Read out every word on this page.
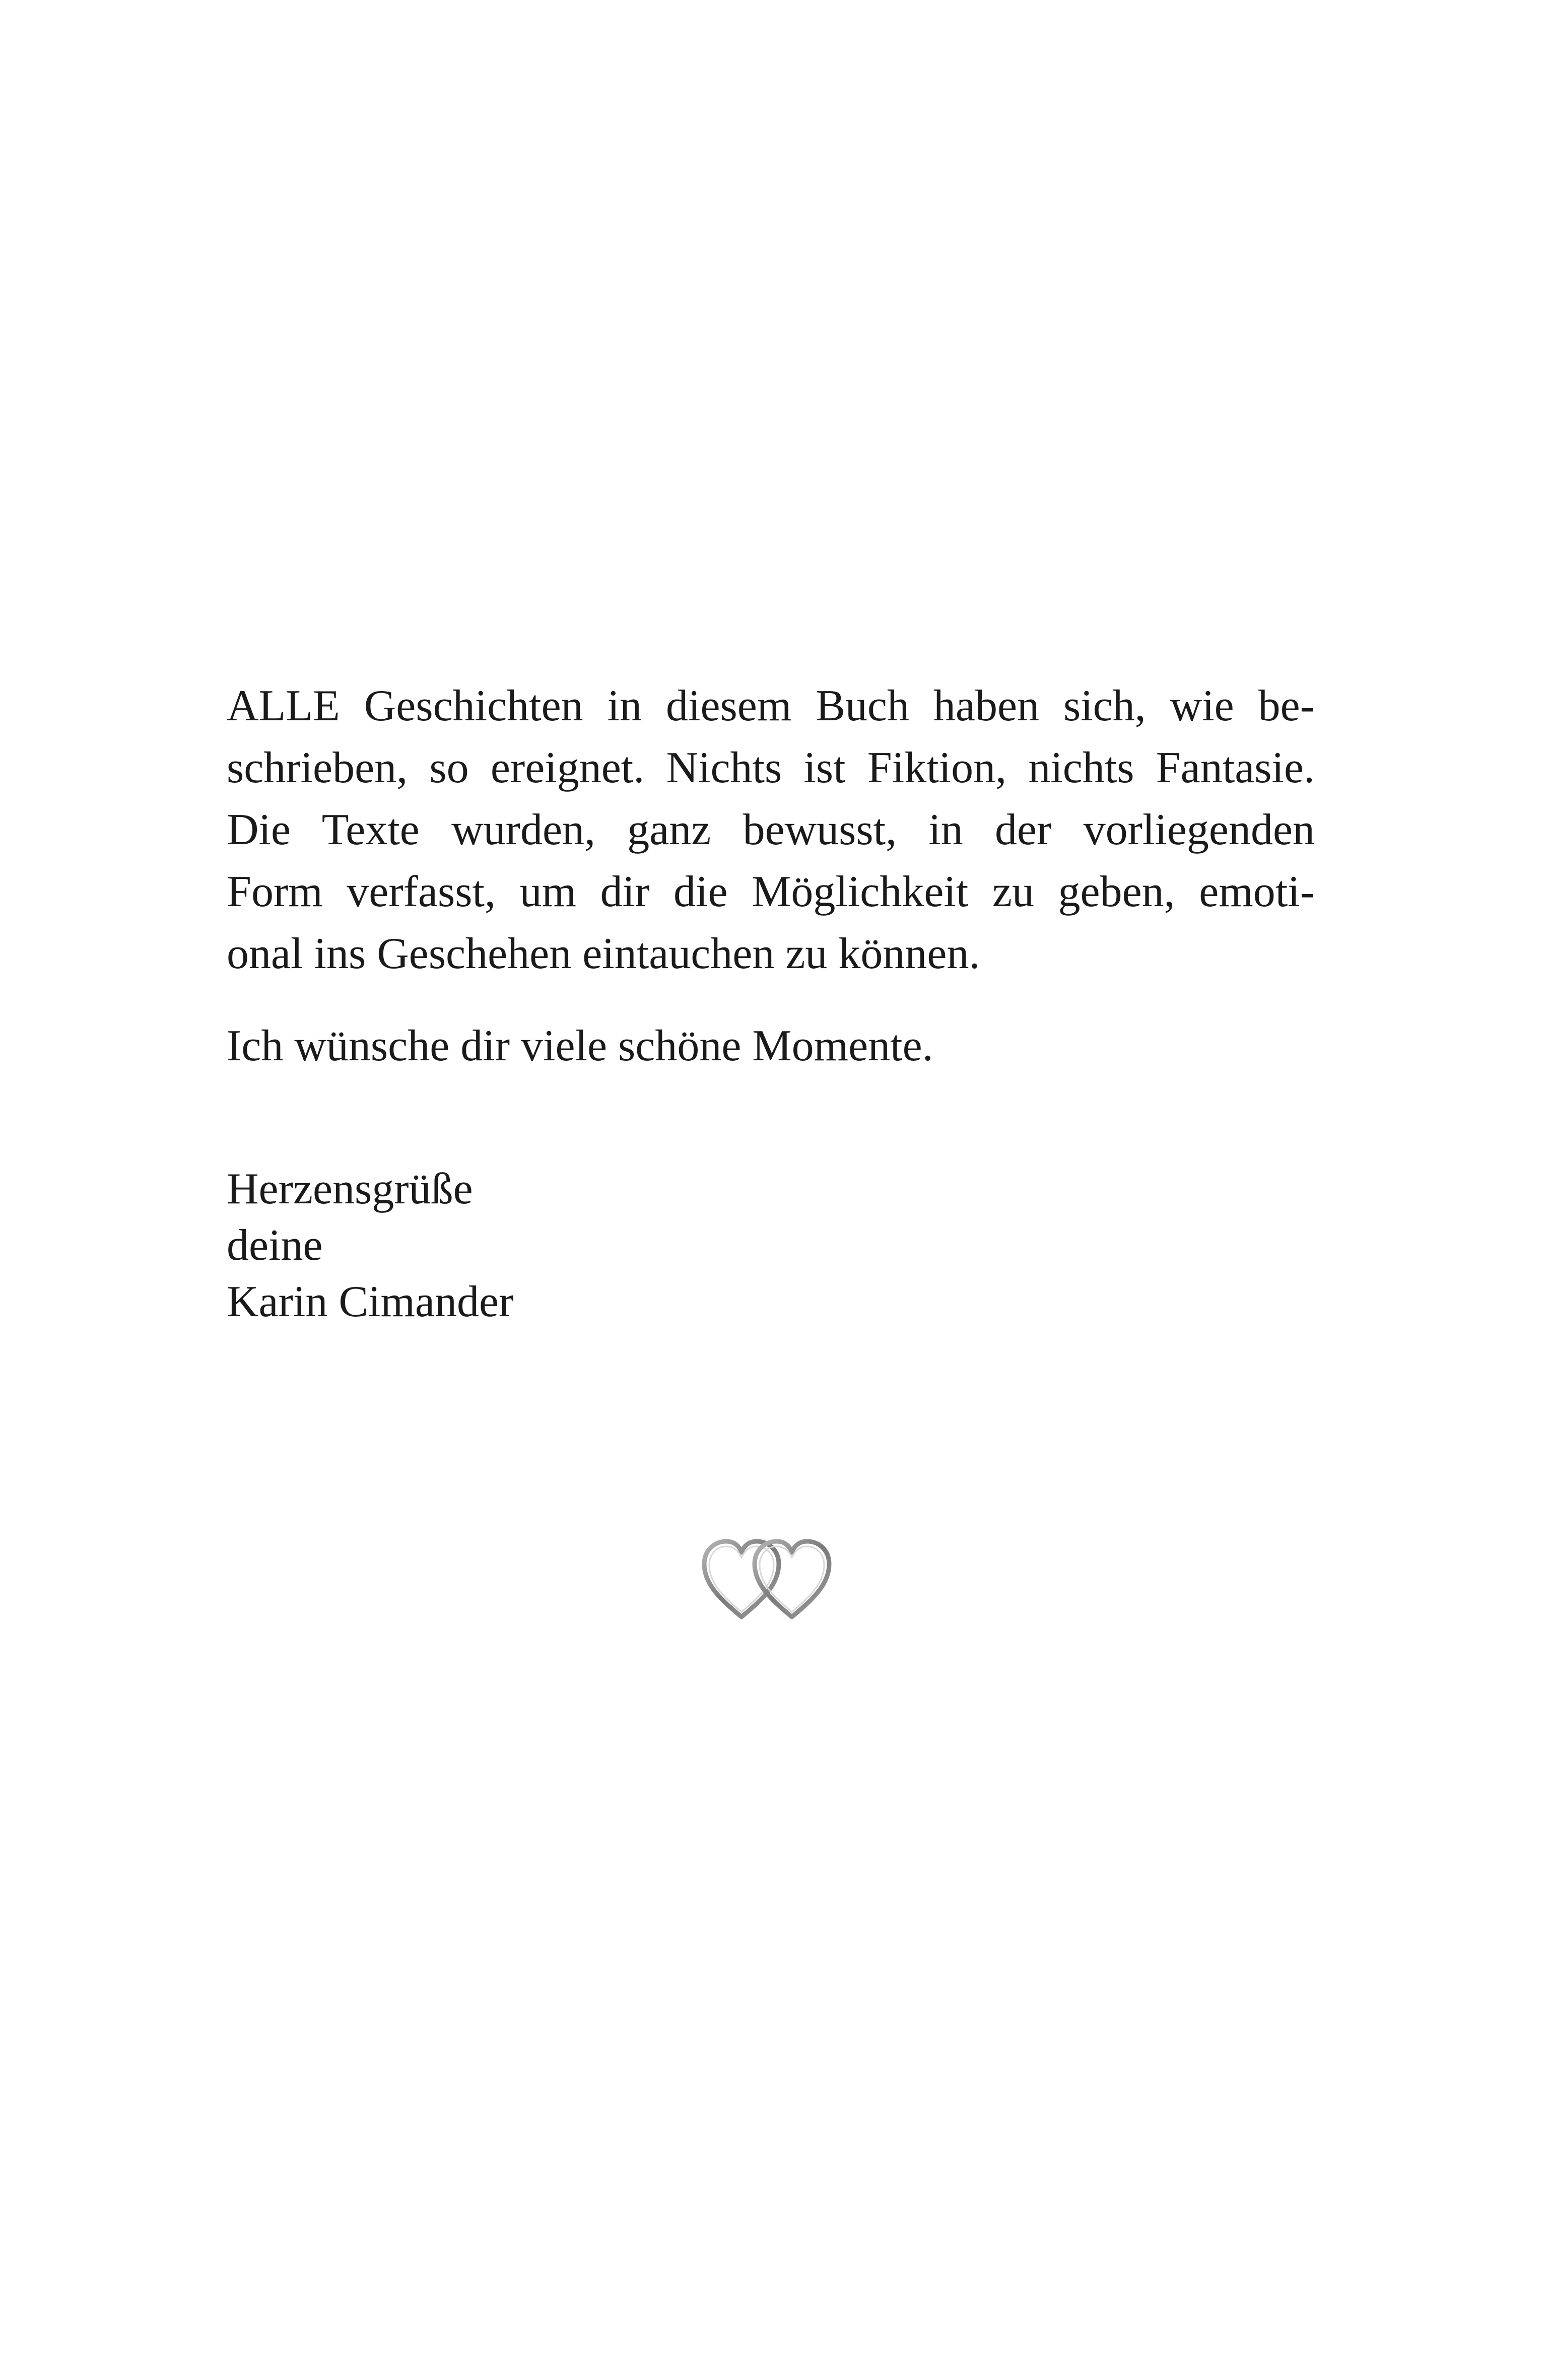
ALLE Geschichten in diesem Buch haben sich, wie be-
schrieben, so ereignet. Nichts ist Fiktion, nichts Fantasie.
Die Texte wurden, ganz bewusst, in der vorliegenden
Form verfasst, um dir die Möglichkeit zu geben, emoti-
onal ins Geschehen eintauchen zu können.

Ich wünsche dir viele schöne Momente.

Herzensgrüße
deine
Karin Cimander
